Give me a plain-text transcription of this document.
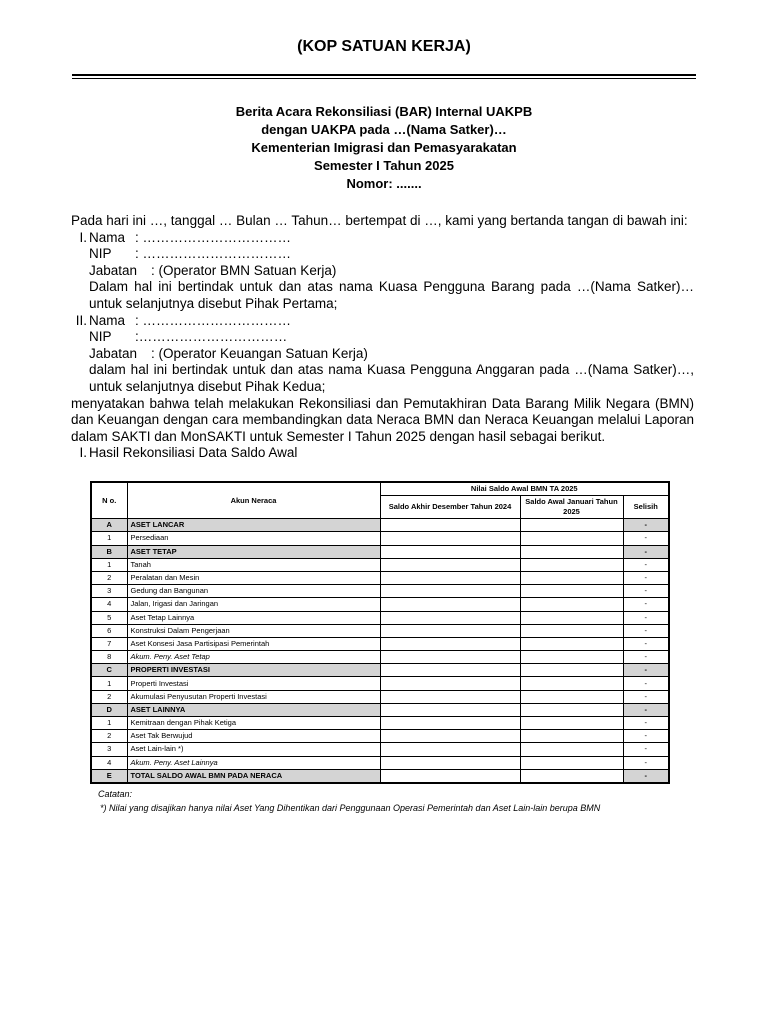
(KOP SATUAN KERJA)
Berita Acara Rekonsiliasi (BAR) Internal UAKPB
dengan UAKPA pada …(Nama Satker)…
Kementerian Imigrasi dan Pemasyarakatan
Semester I Tahun 2025
Nomor: .......
Pada hari ini …, tanggal … Bulan … Tahun… bertempat di …, kami yang bertanda tangan di bawah ini:
I. Nama : ……………………………
NIP : ……………………………
Jabatan : (Operator BMN Satuan Kerja)
Dalam hal ini bertindak untuk dan atas nama Kuasa Pengguna Barang pada …(Nama Satker)… untuk selanjutnya disebut Pihak Pertama;
II. Nama : ……………………………
NIP :……………………………
Jabatan : (Operator Keuangan Satuan Kerja)
dalam hal ini bertindak untuk dan atas nama Kuasa Pengguna Anggaran pada …(Nama Satker)…, untuk selanjutnya disebut Pihak Kedua;
menyatakan bahwa telah melakukan Rekonsiliasi dan Pemutakhiran Data Barang Milik Negara (BMN) dan Keuangan dengan cara membandingkan data Neraca BMN dan Neraca Keuangan melalui Laporan dalam SAKTI dan MonSAKTI untuk Semester I Tahun 2025 dengan hasil sebagai berikut.
I. Hasil Rekonsiliasi Data Saldo Awal
N o.	Akun Neraca	Nilai Saldo Awal BMN TA 2025		
		Saldo Akhir Desember Tahun 2024	Saldo Awal Januari Tahun 2025	Selisih
A	ASET LANCAR			-
1	Persediaan			-
B	ASET TETAP			-
1	Tanah			-
2	Peralatan dan Mesin			-
3	Gedung dan Bangunan			-
4	Jalan, Irigasi dan Jaringan			-
5	Aset Tetap Lainnya			-
6	Konstruksi Dalam Pengerjaan			-
7	Aset Konsesi Jasa Partisipasi Pemerintah			-
8	Akum. Peny. Aset Tetap			-
C	PROPERTI INVESTASI			-
1	Properti Investasi			-
2	Akumulasi Penyusutan Properti Investasi			-
D	ASET LAINNYA			-
1	Kemitraan dengan Pihak Ketiga			-
2	Aset Tak Berwujud			-
3	Aset Lain-lain *)			-
4	Akum. Peny. Aset Lainnya			-
E	TOTAL SALDO AWAL BMN PADA NERACA			-
Catatan:
*) Nilai yang disajikan hanya nilai Aset Yang Dihentikan dari Penggunaan Operasi Pemerintah dan Aset Lain-lain berupa BMN
